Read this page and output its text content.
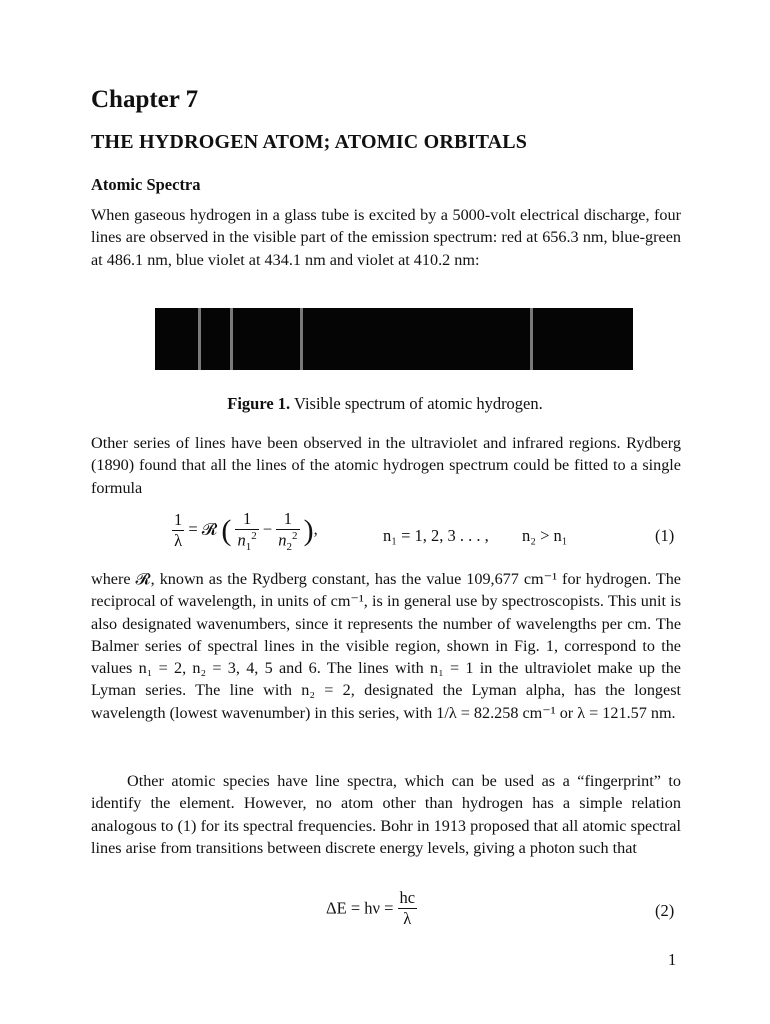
Chapter 7
THE HYDROGEN ATOM; ATOMIC ORBITALS
Atomic Spectra

When gaseous hydrogen in a glass tube is excited by a 5000-volt electrical discharge, four lines are observed in the visible part of the emission spectrum: red at 656.3 nm, blue-green at 486.1 nm, blue violet at 434.1 nm and violet at 410.2 nm:

Figure 1. Visible spectrum of atomic hydrogen.

Other series of lines have been observed in the ultraviolet and infrared regions. Rydberg (1890) found that all the lines of the atomic hydrogen spectrum could be fitted to a single formula

$\frac{1}{\lambda}$ = 𝓡 ( $\frac{1}{n_1^2} - \frac{1}{n_2^2}$ ),	n₁ = 1, 2, 3 . . . , n₂ > n₁	(1)

where 𝓡, known as the Rydberg constant, has the value 109,677 cm⁻¹ for hydrogen. The reciprocal of wavelength, in units of cm⁻¹, is in general use by spectroscopists. This unit is also designated wavenumbers, since it represents the number of wavelengths per cm. The Balmer series of spectral lines in the visible region, shown in Fig. 1, correspond to the values n₁ = 2, n₂ = 3, 4, 5 and 6. The lines with n₁ = 1 in the ultraviolet make up the Lyman series. The line with n₂ = 2, designated the Lyman alpha, has the longest wavelength (lowest wavenumber) in this series, with 1/λ = 82.258 cm⁻¹ or λ = 121.57 nm.

Other atomic species have line spectra, which can be used as a “fingerprint” to identify the element. However, no atom other than hydrogen has a simple relation analogous to (1) for its spectral frequencies. Bohr in 1913 proposed that all atomic spectral lines arise from transitions between discrete energy levels, giving a photon such that

$\Delta E = h\nu = \frac{hc}{\lambda}$	(2)
1
